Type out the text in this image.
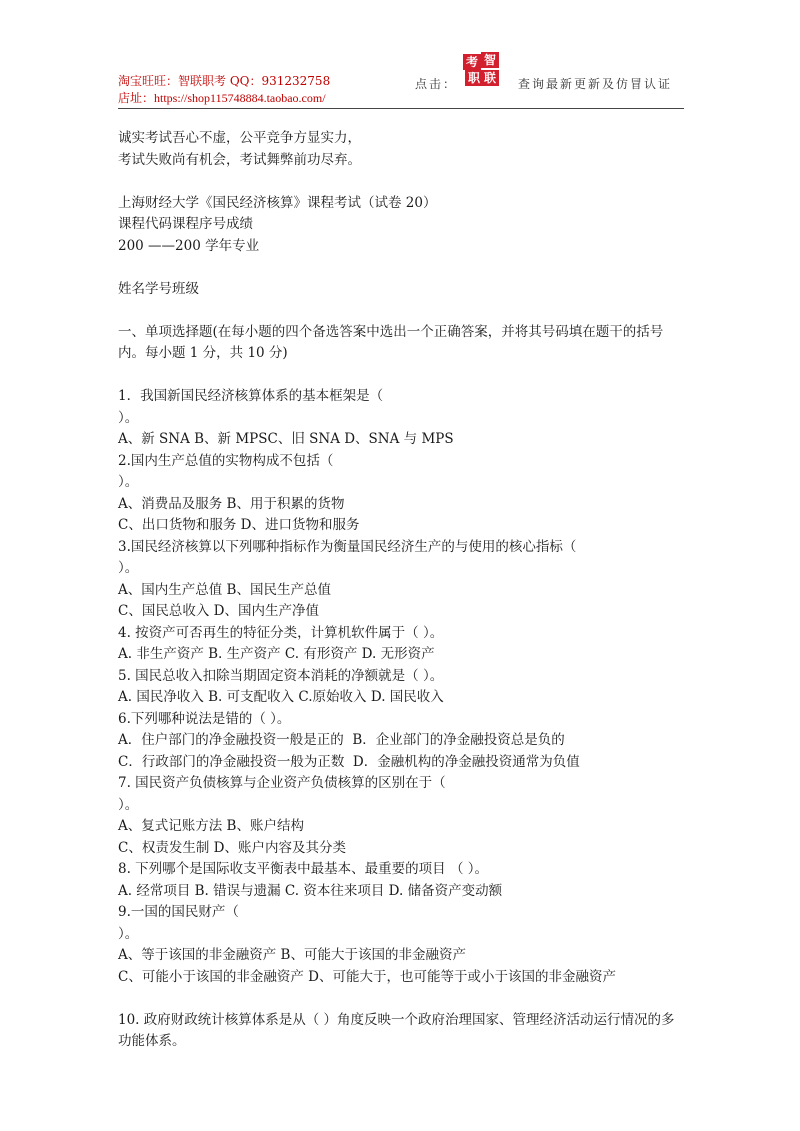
淘宝旺旺：智联职考 QQ：931232758
店址：https://shop115748884.taobao.com/
点击：
考 智
职 联 查询最新更新及仿冒认证

诚实考试吾心不虚，公平竞争方显实力，

考试失败尚有机会，考试舞弊前功尽弃。

上海财经大学《国民经济核算》课程考试（试卷 20）

课程代码课程序号成绩

200 ——200 学年专业

姓名学号班级

一、单项选择题(在每小题的四个备选答案中选出一个正确答案，并将其号码填在题干的括号内。每小题 1 分，共 10 分)

1．我国新国民经济核算体系的基本框架是（

）。

A、新 SNA B、新 MPSC、旧 SNA D、SNA 与 MPS

2.国内生产总值的实物构成不包括（

）。

A、消费品及服务 B、用于积累的货物

C、出口货物和服务 D、进口货物和服务

3.国民经济核算以下列哪种指标作为衡量国民经济生产的与使用的核心指标（

）。

A、国内生产总值 B、国民生产总值

C、国民总收入 D、国内生产净值

4. 按资产可否再生的特征分类，计算机软件属于（ ）。

A. 非生产资产 B. 生产资产 C. 有形资产 D. 无形资产

5. 国民总收入扣除当期固定资本消耗的净额就是（ ）。

A. 国民净收入 B. 可支配收入 C.原始收入 D. 国民收入

6.下列哪种说法是错的（ ）。

A．住户部门的净金融投资一般是正的  B．企业部门的净金融投资总是负的

C．行政部门的净金融投资一般为正数  D．金融机构的净金融投资通常为负值

7. 国民资产负债核算与企业资产负债核算的区别在于（

）。

A、复式记账方法 B、账户结构

C、权责发生制 D、账户内容及其分类

8. 下列哪个是国际收支平衡表中最基本、最重要的项目 （ ）。

A. 经常项目 B. 错误与遗漏 C. 资本往来项目 D. 储备资产变动额

9.一国的国民财产（

）。

A、等于该国的非金融资产 B、可能大于该国的非金融资产

C、可能小于该国的非金融资产 D、可能大于，也可能等于或小于该国的非金融资产

10. 政府财政统计核算体系是从（ ）角度反映一个政府治理国家、管理经济活动运行情况的多功能体系。
